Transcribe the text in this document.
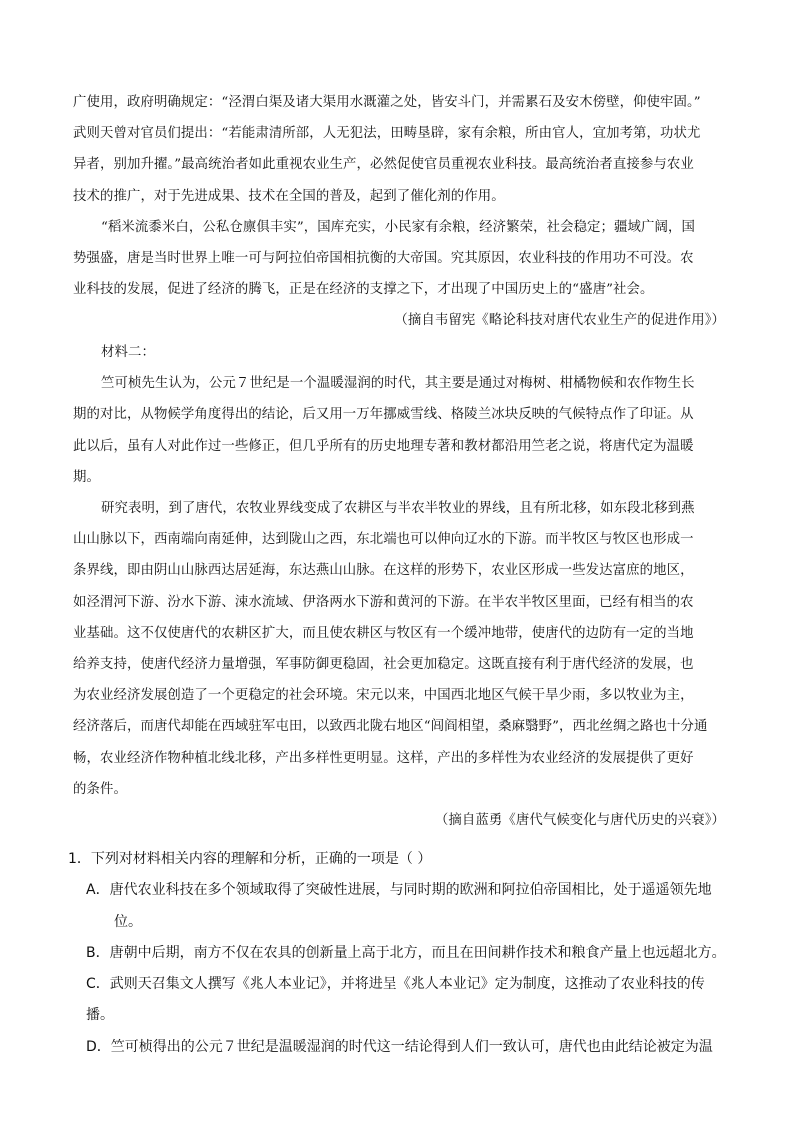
广使用，政府明确规定：“泾渭白渠及诸大渠用水溉灌之处，皆安斗门，并需累石及安木傍壁，仰使牢固。”
武则天曾对官员们提出：“若能肃清所部，人无犯法，田畴垦辟，家有余粮，所由官人，宜加考第，功状尤
异者，别加升擢。”最高统治者如此重视农业生产，必然促使官员重视农业科技。最高统治者直接参与农业
技术的推广，对于先进成果、技术在全国的普及，起到了催化剂的作用。

“稻米流黍米白，公私仓廪俱丰实”，国库充实，小民家有余粮，经济繁荣，社会稳定；疆域广阔，国
势强盛，唐是当时世界上唯一可与阿拉伯帝国相抗衡的大帝国。究其原因，农业科技的作用功不可没。农
业科技的发展，促进了经济的腾飞，正是在经济的支撑之下，才出现了中国历史上的“盛唐”社会。

（摘自韦留宪《略论科技对唐代农业生产的促进作用》）

材料二：

竺可桢先生认为，公元７世纪是一个温暖湿润的时代，其主要是通过对梅树、柑橘物候和农作物生长
期的对比，从物候学角度得出的结论，后又用一万年挪威雪线、格陵兰冰块反映的气候特点作了印证。从
此以后，虽有人对此作过一些修正，但几乎所有的历史地理专著和教材都沿用竺老之说，将唐代定为温暖
期。

研究表明，到了唐代，农牧业界线变成了农耕区与半农半牧业的界线，且有所北移，如东段北移到燕
山山脉以下，西南端向南延伸，达到陇山之西，东北端也可以伸向辽水的下游。而半牧区与牧区也形成一
条界线，即由阴山山脉西达居延海，东达燕山山脉。在这样的形势下，农业区形成一些发达富庶的地区，
如泾渭河下游、汾水下游、涑水流域、伊洛两水下游和黄河的下游。在半农半牧区里面，已经有相当的农
业基础。这不仅使唐代的农耕区扩大，而且使农耕区与牧区有一个缓冲地带，使唐代的边防有一定的当地
给养支持，使唐代经济力量增强，军事防御更稳固，社会更加稳定。这既直接有利于唐代经济的发展，也
为农业经济发展创造了一个更稳定的社会环境。宋元以来，中国西北地区气候干旱少雨，多以牧业为主，
经济落后，而唐代却能在西域驻军屯田，以致西北陇右地区“闾阎相望，桑麻翳野”，西北丝绸之路也十分通
畅，农业经济作物种植北线北移，产出多样性更明显。这样，产出的多样性为农业经济的发展提供了更好
的条件。

（摘自蓝勇《唐代气候变化与唐代历史的兴衰》）

1．下列对材料相关内容的理解和分析，正确的一项是（ ）

A．唐代农业科技在多个领域取得了突破性进展，与同时期的欧洲和阿拉伯帝国相比，处于遥遥领先地
位。

B．唐朝中后期，南方不仅在农具的创新量上高于北方，而且在田间耕作技术和粮食产量上也远超北方。

C．武则天召集文人撰写《兆人本业记》，并将进呈《兆人本业记》定为制度，这推动了农业科技的传播。

D．竺可桢得出的公元７世纪是温暖湿润的时代这一结论得到人们一致认可，唐代也由此结论被定为温
